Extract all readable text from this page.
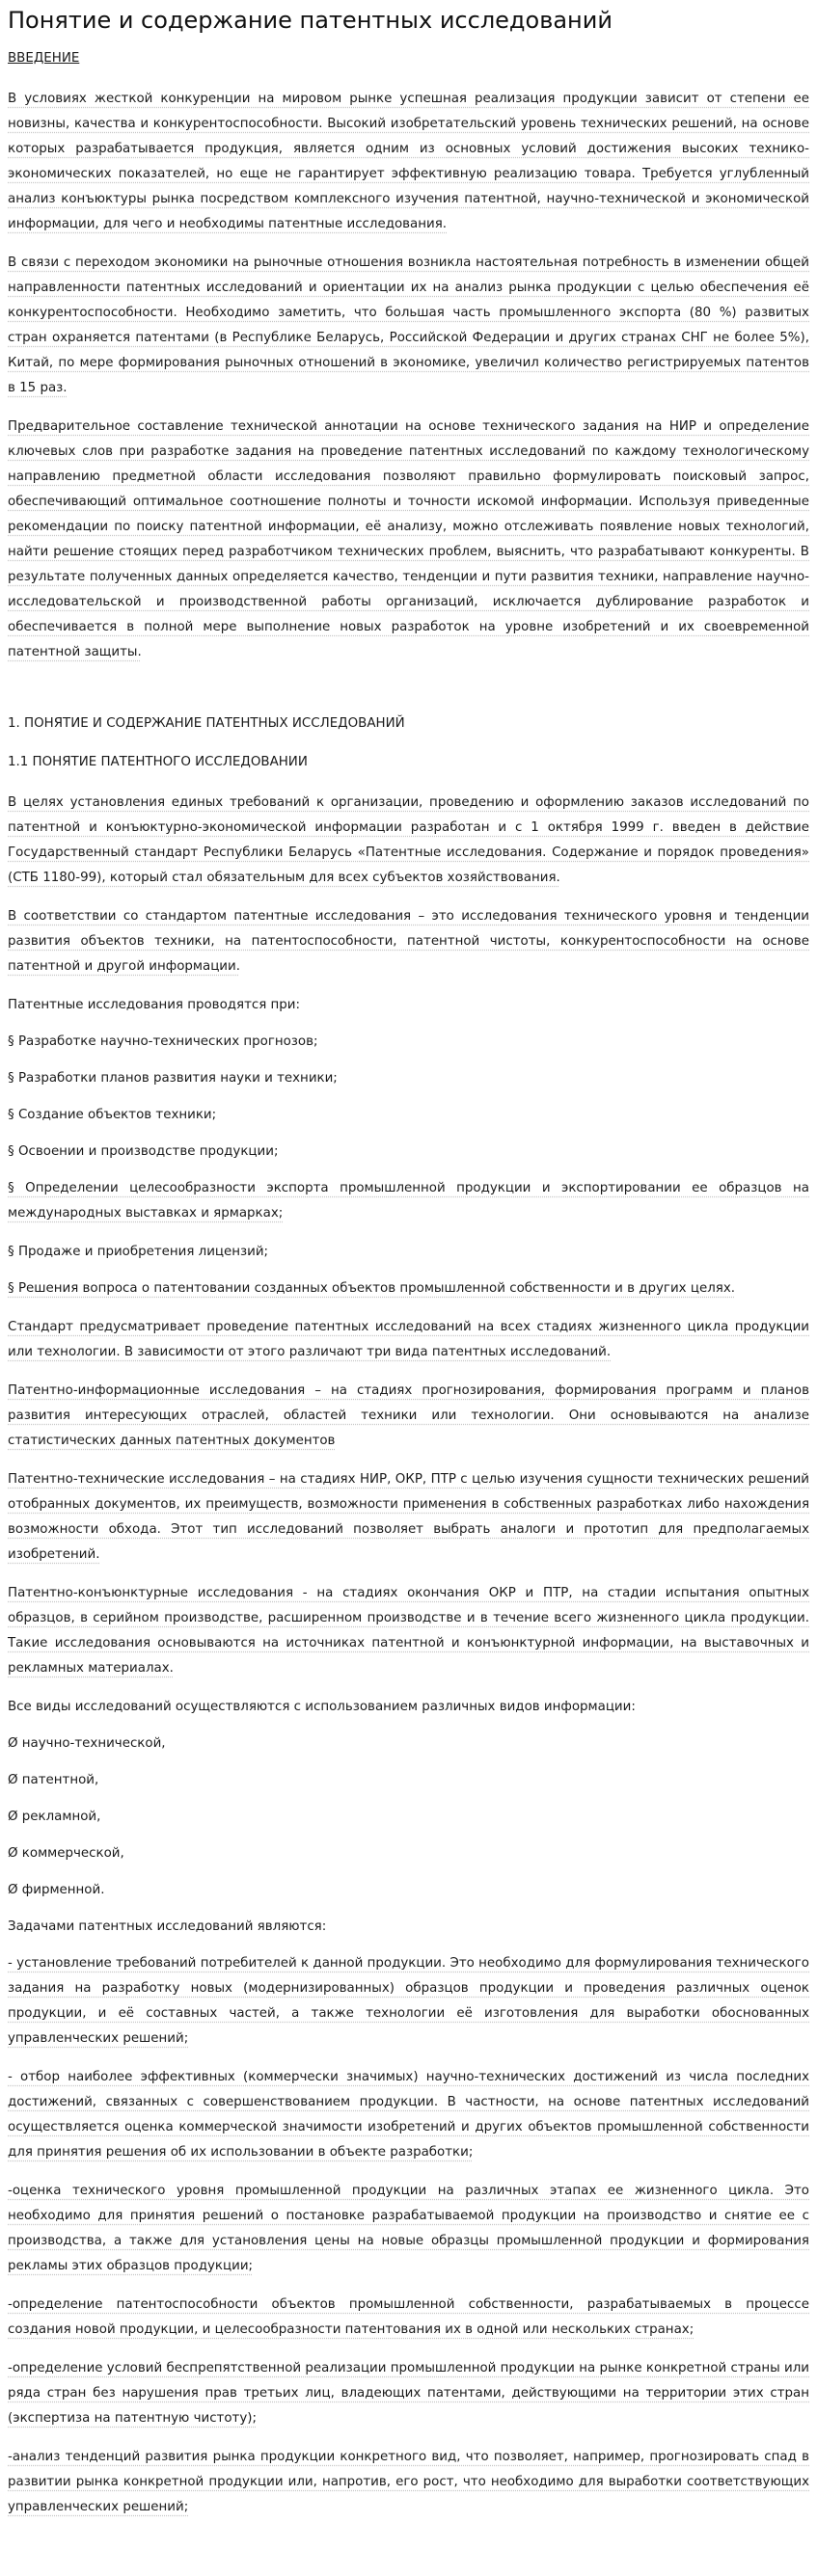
Понятие и содержание патентных исследований
ВВЕДЕНИЕ

В условиях жесткой конкуренции на мировом рынке успешная реализация продукции зависит от степени ее новизны, качества и конкурентоспособности. Высокий изобретательский уровень технических решений, на основе которых разрабатывается продукция, является одним из основных условий достижения высоких технико-экономических показателей, но еще не гарантирует эффективную реализацию товара. Требуется углубленный анализ конъюктуры рынка посредством комплексного изучения патентной, научно-технической и экономической информации, для чего и необходимы патентные исследования.

В связи с переходом экономики на рыночные отношения возникла настоятельная потребность в изменении общей направленности патентных исследований и ориентации их на анализ рынка продукции с целью обеспечения её конкурентоспособности. Необходимо заметить, что большая часть промышленного экспорта (80 %) развитых стран охраняется патентами (в Республике Беларусь, Российской Федерации и других странах СНГ не более 5%), Китай, по мере формирования рыночных отношений в экономике, увеличил количество регистрируемых патентов в 15 раз.

Предварительное составление технической аннотации на основе технического задания на НИР и определение ключевых слов при разработке задания на проведение патентных исследований по каждому технологическому направлению предметной области исследования позволяют правильно формулировать поисковый запрос, обеспечивающий оптимальное соотношение полноты и точности искомой информации. Используя приведенные рекомендации по поиску патентной информации, её анализу, можно отслеживать появление новых технологий, найти решение стоящих перед разработчиком технических проблем, выяснить, что разрабатывают конкуренты. В результате полученных данных определяется качество, тенденции и пути развития техники, направление научно-исследовательской и производственной работы организаций, исключается дублирование разработок и обеспечивается в полной мере выполнение новых разработок на уровне изобретений и их своевременной патентной защиты.

1. ПОНЯТИЕ И СОДЕРЖАНИЕ ПАТЕНТНЫХ ИССЛЕДОВАНИЙ
1.1 ПОНЯТИЕ ПАТЕНТНОГО ИССЛЕДОВАНИИ

В целях установления единых требований к организации, проведению и оформлению заказов исследований по патентной и конъюктурно-экономической информации разработан и с 1 октября 1999 г. введен в действие Государственный стандарт Республики Беларусь «Патентные исследования. Содержание и порядок проведения» (СТБ 1180-99), который стал обязательным для всех субъектов хозяйствования.

В соответствии со стандартом патентные исследования – это исследования технического уровня и тенденции развития объектов техники, на патентоспособности, патентной чистоты, конкурентоспособности на основе патентной и другой информации.

Патентные исследования проводятся при:

§ Разработке научно-технических прогнозов;

§ Разработки планов развития науки и техники;

§ Создание объектов техники;

§ Освоении и производстве продукции;

§ Определении целесообразности экспорта промышленной продукции и экспортировании ее образцов на международных выставках и ярмарках;

§ Продаже и приобретения лицензий;

§ Решения вопроса о патентовании созданных объектов промышленной собственности и в других целях.

Стандарт предусматривает проведение патентных исследований на всех стадиях жизненного цикла продукции или технологии. В зависимости от этого различают три вида патентных исследований.

Патентно-информационные исследования – на стадиях прогнозирования, формирования программ и планов развития интересующих отраслей, областей техники или технологии. Они основываются на анализе статистических данных патентных документов

Патентно-технические исследования – на стадиях НИР, ОКР, ПТР с целью изучения сущности технических решений отобранных документов, их преимуществ, возможности применения в собственных разработках либо нахождения возможности обхода. Этот тип исследований позволяет выбрать аналоги и прототип для предполагаемых изобретений.

Патентно-конъюнктурные исследования - на стадиях окончания ОКР и ПТР, на стадии испытания опытных образцов, в серийном производстве, расширенном производстве и в течение всего жизненного цикла продукции. Такие исследования основываются на источниках патентной и конъюнктурной информации, на выставочных и рекламных материалах.

Все виды исследований осуществляются с использованием различных видов информации:

Ø научно-технической,

Ø патентной,

Ø рекламной,

Ø коммерческой,

Ø фирменной.

Задачами патентных исследований являются:

- установление требований потребителей к данной продукции. Это необходимо для формулирования технического задания на разработку новых (модернизированных) образцов продукции и проведения различных оценок продукции, и её составных частей, а также технологии её изготовления для выработки обоснованных управленческих решений;

- отбор наиболее эффективных (коммерчески значимых) научно-технических достижений из числа последних достижений, связанных с совершенствованием продукции. В частности, на основе патентных исследований осуществляется оценка коммерческой значимости изобретений и других объектов промышленной собственности для принятия решения об их использовании в объекте разработки;

-оценка технического уровня промышленной продукции на различных этапах ее жизненного цикла. Это необходимо для принятия решений о постановке разрабатываемой продукции на производство и снятие ее с производства, а также для установления цены на новые образцы промышленной продукции и формирования рекламы этих образцов продукции;

-определение патентоспособности объектов промышленной собственности, разрабатываемых в процессе создания новой продукции, и целесообразности патентования их в одной или нескольких странах;

-определение условий беспрепятственной реализации промышленной продукции на рынке конкретной страны или ряда стран без нарушения прав третьих лиц, владеющих патентами, действующими на территории этих стран (экспертиза на патентную чистоту);

-анализ тенденций развития рынка продукции конкретного вид, что позволяет, например, прогнозировать спад в развитии рынка конкретной продукции или, напротив, его рост, что необходимо для выработки соответствующих управленческих решений;
